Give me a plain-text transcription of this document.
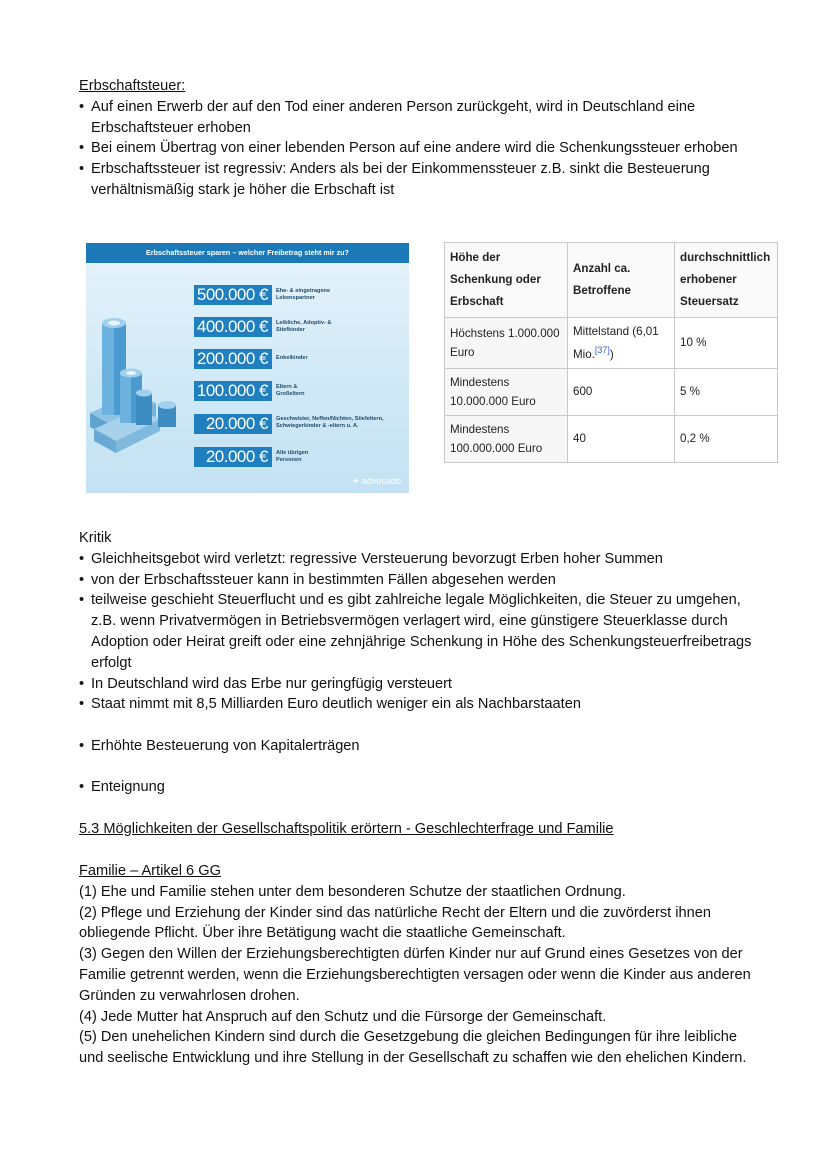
Erbschaftsteuer:
• Auf einen Erwerb der auf den Tod einer anderen Person zurückgeht, wird in Deutschland eine Erbschaftsteuer erhoben
• Bei einem Übertrag von einer lebenden Person auf eine andere wird die Schenkungssteuer erhoben
• Erbschaftssteuer ist regressiv: Anders als bei der Einkommenssteuer z.B. sinkt die Besteuerung verhältnismäßig stark je höher die Erbschaft ist
Erbschaftssteuer sparen – welcher Freibetrag steht mir zu?
500.000 €	Ehe- & eingetragene Lebenspartner
400.000 €	Leibliche, Adoptiv- & Stiefkinder
200.000 €	Enkelkinder
100.000 €	Eltern & Großeltern
20.000 €	Geschwister, Neffen/Nichten, Stiefeltern, Schwiegerkinder & -eltern u. A.
20.000 €	Alle übrigen Personen
✦ advocado
Höhe der Schenkung oder Erbschaft	Anzahl ca. Betroffene	durchschnittlich erhobener Steuersatz
Höchstens 1.000.000 Euro	Mittelstand (6,01 Mio.[37])	10 %
Mindestens 10.000.000 Euro	600	5 %
Mindestens 100.000.000 Euro	40	0,2 %
Kritik
• Gleichheitsgebot wird verletzt: regressive Versteuerung bevorzugt Erben hoher Summen
• von der Erbschaftssteuer kann in bestimmten Fällen abgesehen werden
• teilweise geschieht Steuerflucht und es gibt zahlreiche legale Möglichkeiten, die Steuer zu umgehen, z.B. wenn Privatvermögen in Betriebsvermögen verlagert wird, eine günstigere Steuerklasse durch Adoption oder Heirat greift oder eine zehnjährige Schenkung in Höhe des Schenkungsteuerfreibetrags erfolgt
• In Deutschland wird das Erbe nur geringfügig versteuert
• Staat nimmt mit 8,5 Milliarden Euro deutlich weniger ein als Nachbarstaaten
• Erhöhte Besteuerung von Kapitalerträgen
• Enteignung
5.3 Möglichkeiten der Gesellschaftspolitik erörtern - Geschlechterfrage und Familie
Familie – Artikel 6 GG
(1) Ehe und Familie stehen unter dem besonderen Schutze der staatlichen Ordnung.
(2) Pflege und Erziehung der Kinder sind das natürliche Recht der Eltern und die zuvörderst ihnen obliegende Pflicht. Über ihre Betätigung wacht die staatliche Gemeinschaft.
(3) Gegen den Willen der Erziehungsberechtigten dürfen Kinder nur auf Grund eines Gesetzes von der Familie getrennt werden, wenn die Erziehungsberechtigten versagen oder wenn die Kinder aus anderen Gründen zu verwahrlosen drohen.
(4) Jede Mutter hat Anspruch auf den Schutz und die Fürsorge der Gemeinschaft.
(5) Den unehelichen Kindern sind durch die Gesetzgebung die gleichen Bedingungen für ihre leibliche und seelische Entwicklung und ihre Stellung in der Gesellschaft zu schaffen wie den ehelichen Kindern.
